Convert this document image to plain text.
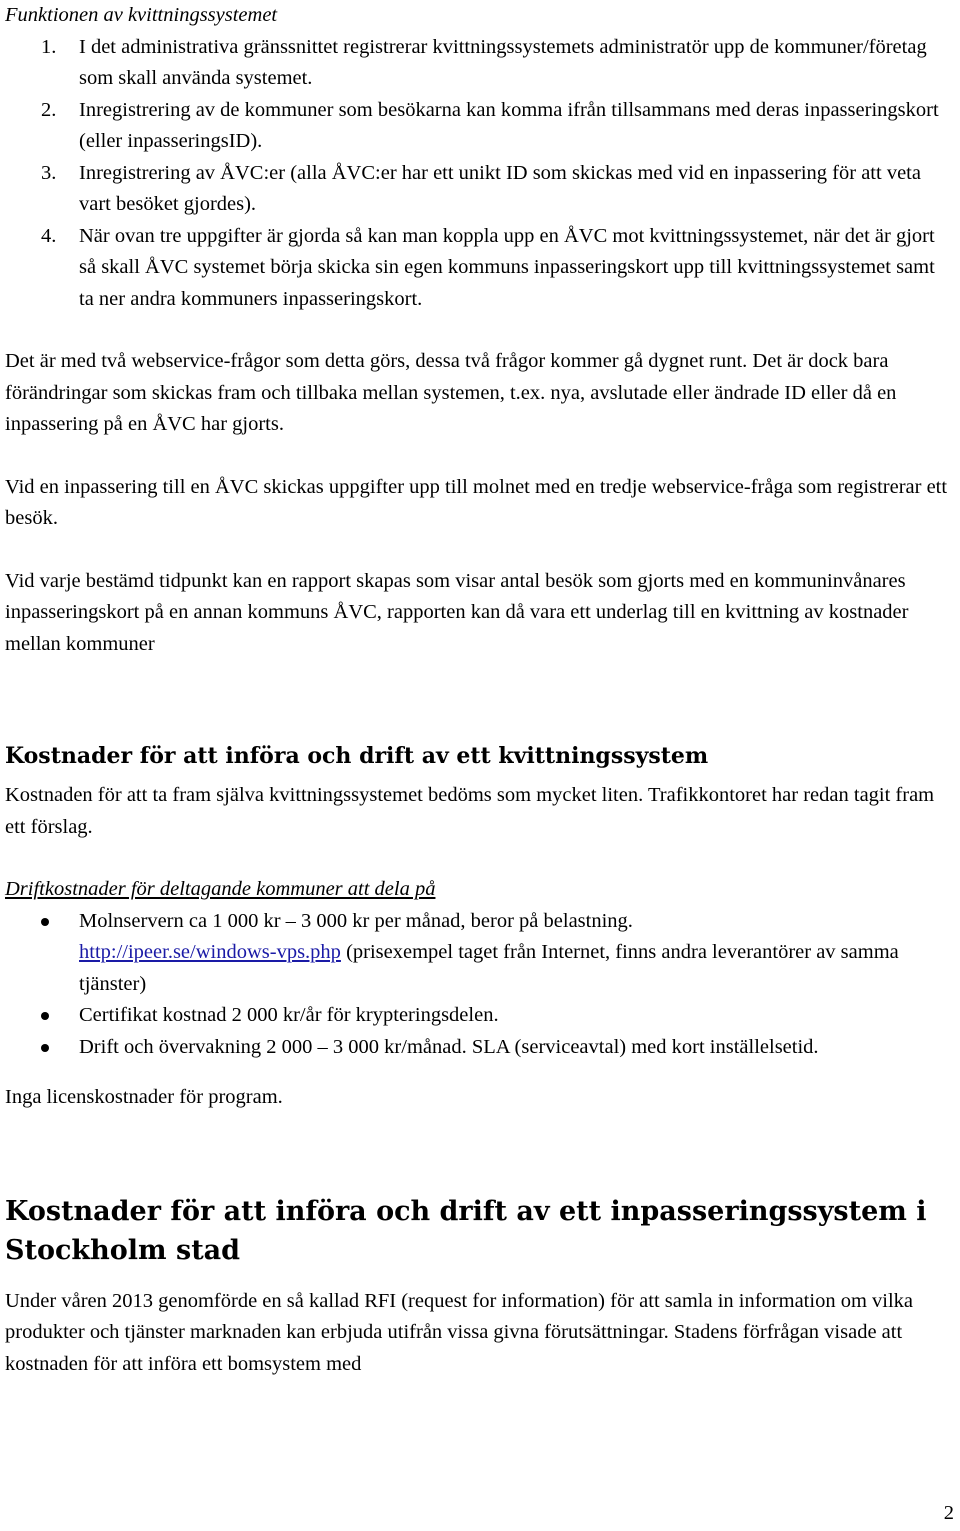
Funktionen av kvittningssystemet

1. I det administrativa gränssnittet registrerar kvittningssystemets administratör upp de kommuner/företag som skall använda systemet.
2. Inregistrering av de kommuner som besökarna kan komma ifrån tillsammans med deras inpasseringskort (eller inpasseringsID).
3. Inregistrering av ÅVC:er (alla ÅVC:er har ett unikt ID som skickas med vid en inpassering för att veta vart besöket gjordes).
4. När ovan tre uppgifter är gjorda så kan man koppla upp en ÅVC mot kvittningssystemet, när det är gjort så skall ÅVC systemet börja skicka sin egen kommuns inpasseringskort upp till kvittningssystemet samt ta ner andra kommuners inpasseringskort.

Det är med två webservice-frågor som detta görs, dessa två frågor kommer gå dygnet runt. Det är dock bara förändringar som skickas fram och tillbaka mellan systemen, t.ex. nya, avslutade eller ändrade ID eller då en inpassering på en ÅVC har gjorts.

Vid en inpassering till en ÅVC skickas uppgifter upp till molnet med en tredje webservice-fråga som registrerar ett besök.

Vid varje bestämd tidpunkt kan en rapport skapas som visar antal besök som gjorts med en kommuninvånares inpasseringskort på en annan kommuns ÅVC, rapporten kan då vara ett underlag till en kvittning av kostnader mellan kommuner

Kostnader för att införa och drift av ett kvittningssystem

Kostnaden för att ta fram själva kvittningssystemet bedöms som mycket liten. Trafikkontoret har redan tagit fram ett förslag.

Driftkostnader för deltagande kommuner att dela på

Molnservern ca 1 000 kr – 3 000 kr per månad, beror på belastning.
http://ipeer.se/windows-vps.php (prisexempel taget från Internet, finns andra leverantörer av samma tjänster)
Certifikat kostnad 2 000 kr/år för krypteringsdelen.
Drift och övervakning 2 000 – 3 000 kr/månad. SLA (serviceavtal) med kort inställelsetid.

Inga licenskostnader för program.

Kostnader för att införa och drift av ett inpasseringssystem i Stockholm stad

Under våren 2013 genomförde en så kallad RFI (request for information) för att samla in information om vilka produkter och tjänster marknaden kan erbjuda utifrån vissa givna förutsättningar. Stadens förfrågan visade att kostnaden för att införa ett bomsystem med

2
